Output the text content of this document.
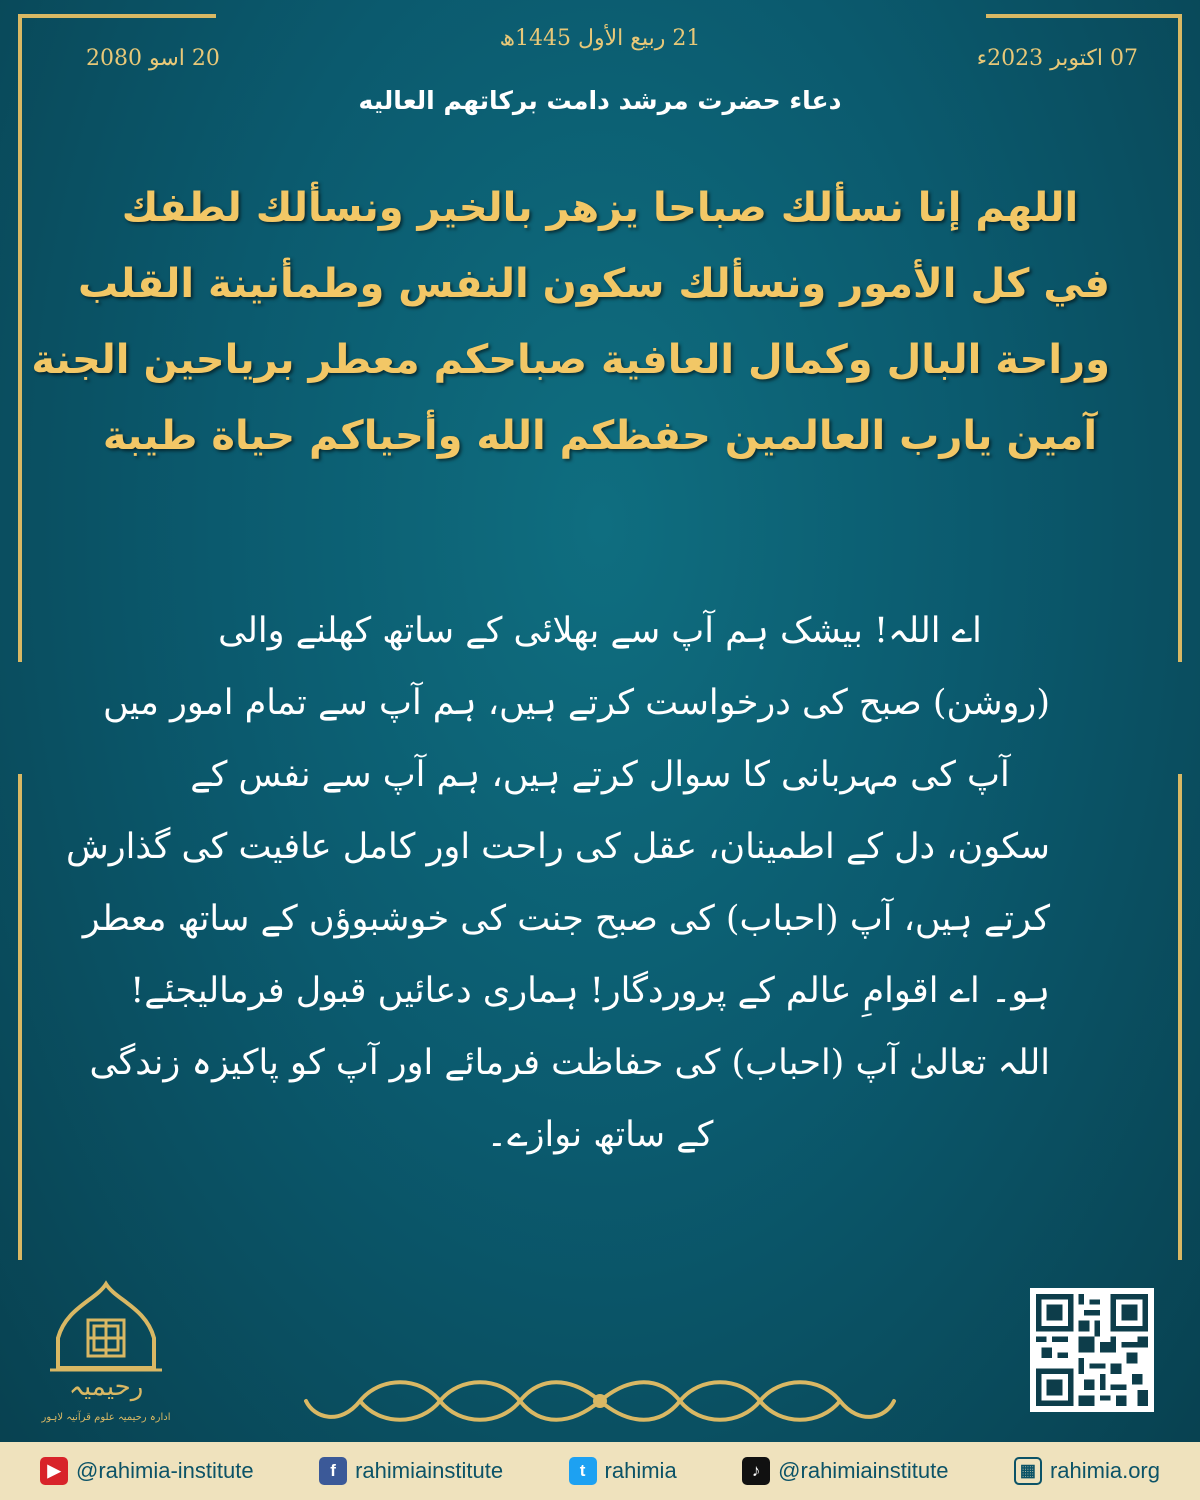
21 ربيع الأول 1445ھ
20 اسو 2080	07 اکتوبر 2023ء
دعاء حضرت مرشد دامت برکاتھم العالیه
اللهم إنا نسألك صباحا يزهر بالخير ونسألك لطفك
في كل الأمور ونسألك سكون النفس وطمأنينة القلب
وراحة البال وكمال العافية صباحكم معطر برياحين الجنة
آمين يارب العالمين حفظكم الله وأحياكم حياة طيبة
اے اللہ! بیشک ہم آپ سے بھلائی کے ساتھ کھلنے والی
(روشن) صبح کی درخواست کرتے ہیں، ہم آپ سے تمام امور میں
آپ کی مہربانی کا سوال کرتے ہیں، ہم آپ سے نفس کے
سکون، دل کے اطمینان، عقل کی راحت اور کامل عافیت کی گذارش
کرتے ہیں، آپ (احباب) کی صبح جنت کی خوشبوؤں کے ساتھ معطر
ہو۔ اے اقوامِ عالم کے پروردگار! ہماری دعائیں قبول فرمالیجئے!
اللہ تعالیٰ آپ (احباب) کی حفاظت فرمائے اور آپ کو پاکیزہ زندگی
کے ساتھ نوازے۔
رحیمیہ
ادارہ رحیمیہ علوم قرآنیہ لاہور
▶ @rahimia-institute	f rahimiainstitute	t rahimia	♪ @rahimiainstitute	▦ rahimia.org
